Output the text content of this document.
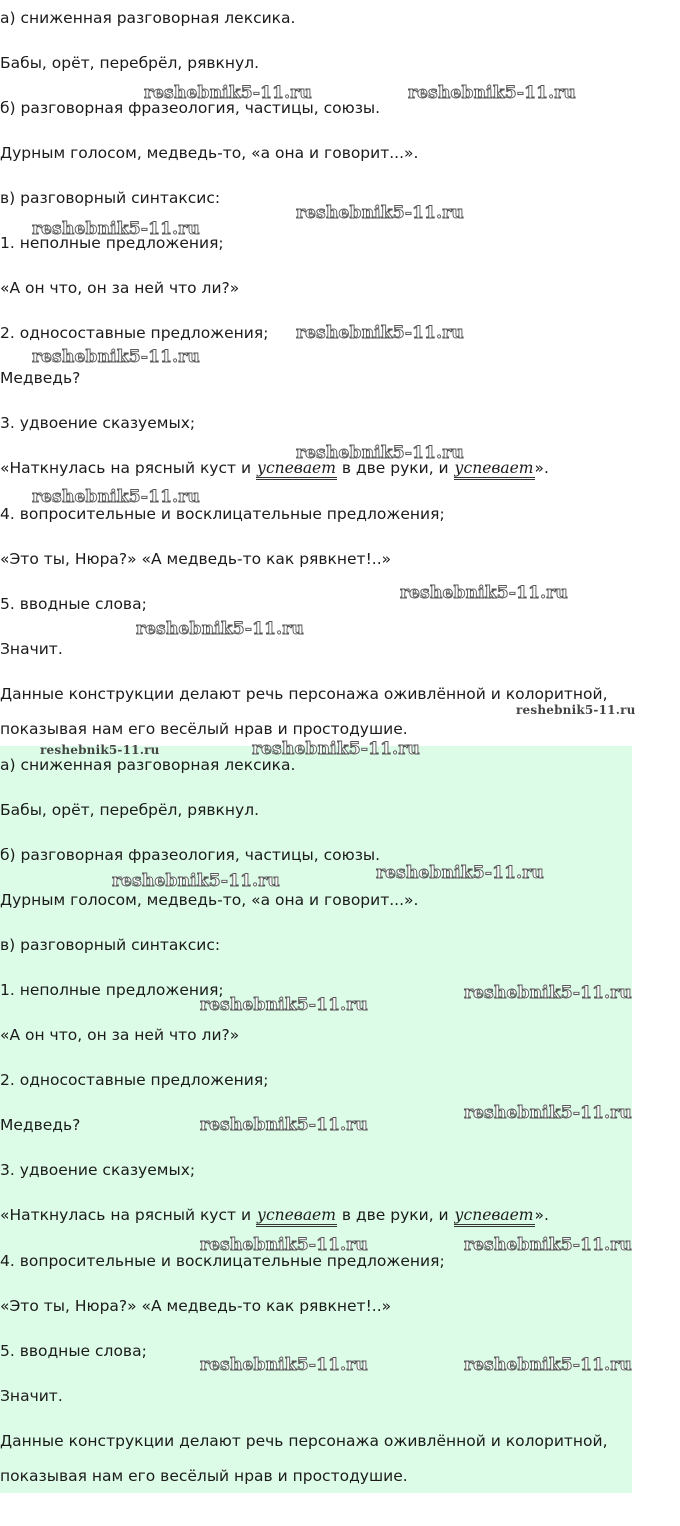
а) сниженная разговорная лексика.

Бабы, орёт, перебрёл, рявкнул.

б) разговорная фразеология, частицы, союзы.

Дурным голосом, медведь-то, «а она и говорит...».

в) разговорный синтаксис:

1. неполные предложения;

«А он что, он за ней что ли?»

2. односоставные предложения;

Медведь?

3. удвоение сказуемых;

«Наткнулась на рясный куст и успевает в две руки, и успевает».

4. вопросительные и восклицательные предложения;

«Это ты, Нюра?» «А медведь-то как рявкнет!..»

5. вводные слова;

Значит.

Данные конструкции делают речь персонажа оживлённой и колоритной,

показывая нам его весёлый нрав и простодушие.

а) сниженная разговорная лексика.

Бабы, орёт, перебрёл, рявкнул.

б) разговорная фразеология, частицы, союзы.

Дурным голосом, медведь-то, «а она и говорит...».

в) разговорный синтаксис:

1. неполные предложения;

«А он что, он за ней что ли?»

2. односоставные предложения;

Медведь?

3. удвоение сказуемых;

«Наткнулась на рясный куст и успевает в две руки, и успевает».

4. вопросительные и восклицательные предложения;

«Это ты, Нюра?» «А медведь-то как рявкнет!..»

5. вводные слова;

Значит.

Данные конструкции делают речь персонажа оживлённой и колоритной,

показывая нам его весёлый нрав и простодушие.

reshebnik5-11.ru	reshebnik5-11.ru
reshebnik5-11.ru
reshebnik5-11.ru
reshebnik5-11.ru
reshebnik5-11.ru
reshebnik5-11.ru
reshebnik5-11.ru
reshebnik5-11.ru
reshebnik5-11.ru
reshebnik5-11.ru
reshebnik5-11.ru	reshebnik5-11.ru
reshebnik5-11.ru
reshebnik5-11.ru
reshebnik5-11.ru
reshebnik5-11.ru
reshebnik5-11.ru
reshebnik5-11.ru
reshebnik5-11.ru	reshebnik5-11.ru
reshebnik5-11.ru	reshebnik5-11.ru
